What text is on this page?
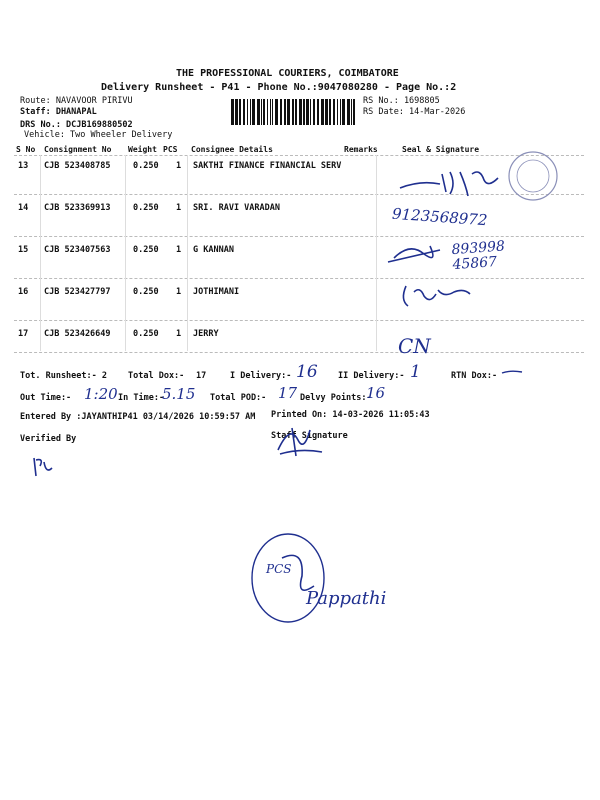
THE PROFESSIONAL COURIERS, COIMBATORE
Delivery Runsheet - P41 - Phone No.:9047080280 - Page No.:2
Route: NAVAVOOR PIRIVU
Staff: DHANAPAL
DRS No.: DCJB169880502
Vehicle: Two Wheeler Delivery
RS No.: 1698805
RS Date: 14-Mar-2026
S No Consignment No Weight PCS Consignee Details	Remarks	Seal & Signature
13 CJB 523408785	0.250 1 SAKTHI FINANCE FINANCIAL SERV
14 CJB 523369913	0.250 1 SRI. RAVI VARADAN
15 CJB 523407563	0.250 1 G KANNAN
16 CJB 523427797	0.250 1 JOTHIMANI
17 CJB 523426649	0.250 1 JERRY
9123568972
893998 45867
CN
Tot. Runsheet:- 2 Total Dox:- 17	I Delivery:- 16 II Delivery:- 1	RTN Dox:-
Out Time:- 1:20 In Time:-
5.15 Total POD:- 17 Delvy Points:-
16
Entered By :JAYANTHIP41 03/14/2026 10:59:57 AM Printed On: 14-03-2026 11:05:43
Verified By	Staff Signature
PCS
Pappathi
